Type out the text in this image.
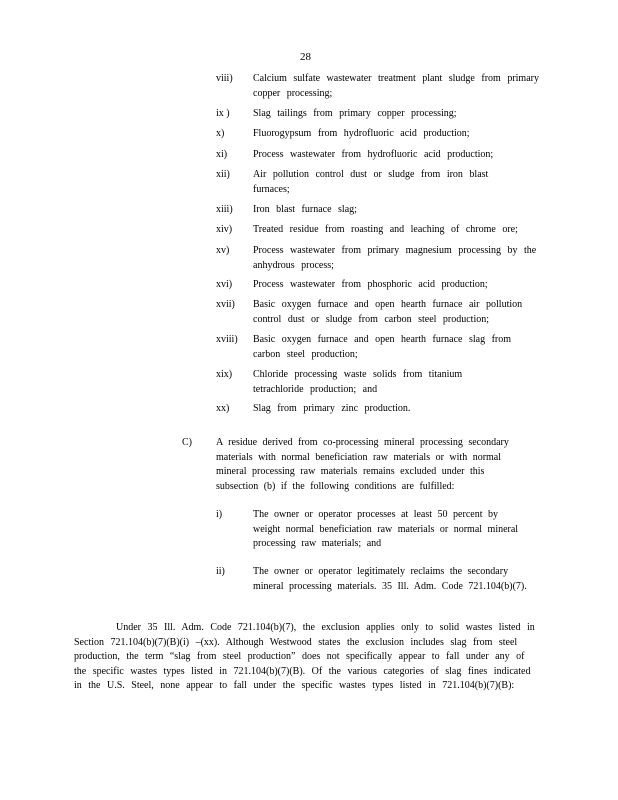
28
viii)	Calcium sulfate wastewater treatment plant sludge from primary copper processing;
ix )	Slag tailings from primary copper processing;
x)	Fluorogypsum from hydrofluoric acid production;
xi)	Process wastewater from hydrofluoric acid production;
xii)	Air pollution control dust or sludge from iron blast furnaces;
xiii)	Iron blast furnace slag;
xiv)	Treated residue from roasting and leaching of chrome ore;
xv)	Process wastewater from primary magnesium processing by the anhydrous process;
xvi)	Process wastewater from phosphoric acid production;
xvii)	Basic oxygen furnace and open hearth furnace air pollution control dust or sludge from carbon steel production;
xviii)	Basic oxygen furnace and open hearth furnace slag from carbon steel production;
xix)	Chloride processing waste solids from titanium tetrachloride production; and
xx)	Slag from primary zinc production.
C) A residue derived from co-processing mineral processing secondary materials with normal beneficiation raw materials or with normal mineral processing raw materials remains excluded under this subsection (b) if the following conditions are fulfilled:
i)	The owner or operator processes at least 50 percent by weight normal beneficiation raw materials or normal mineral processing raw materials; and
ii)	The owner or operator legitimately reclaims the secondary mineral processing materials. 35 Ill. Adm. Code 721.104(b)(7).
Under 35 Ill. Adm. Code 721.104(b)(7), the exclusion applies only to solid wastes listed in Section 721.104(b)(7)(B)(i) –(xx). Although Westwood states the exclusion includes slag from steel production, the term “slag from steel production” does not specifically appear to fall under any of the specific wastes types listed in 721.104(b)(7)(B). Of the various categories of slag fines indicated in the U.S. Steel, none appear to fall under the specific wastes types listed in 721.104(b)(7)(B):
